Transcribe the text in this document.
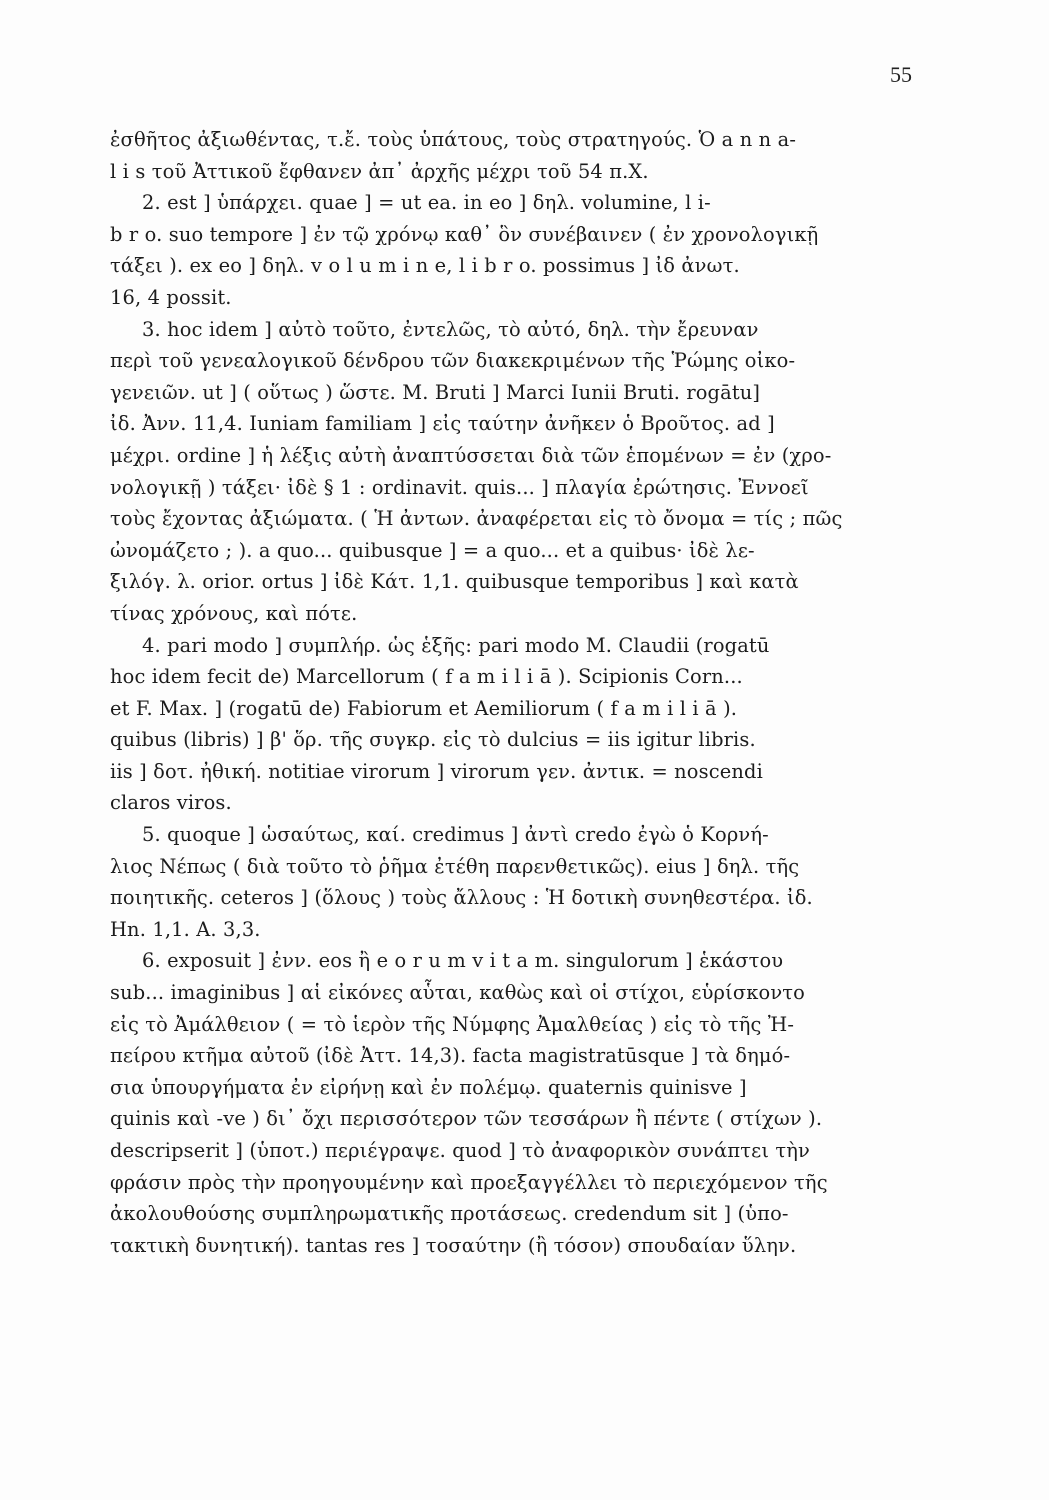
55
ἐσθῆτος ἀξιωθέντας, τ.ἔ. τοὺς ὑπάτους, τοὺς στρατηγούς. Ὁ a n n a-
l i s τοῦ Ἀττικοῦ ἔφθανεν ἀπ᾿ ἀρχῆς μέχρι τοῦ 54 π.Χ.
2. est ] ὑπάρχει. quae ] = ut ea. in eo ] δηλ. volumine, l i-
b r o. suo tempore ] ἐν τῷ χρόνῳ καθ᾿ ὃν συνέβαινεν ( ἐν χρονολογικῇ
τάξει ). ex eo ] δηλ. v o l u m i n e, l i b r o. possimus ] ἰδ ἀνωτ.
16, 4 possit.
3. hoc idem ] αὐτὸ τοῦτο, ἐντελῶς, τὸ αὐτό, δηλ. τὴν ἔρευναν
περὶ τοῦ γενεαλογικοῦ δένδρου τῶν διακεκριμένων τῆς Ῥώμης οἰκο-
γενειῶν. ut ] ( οὕτως ) ὥστε. M. Bruti ] Marci Iunii Bruti. rogātu]
ἰδ. Ἀνν. 11,4. Iuniam familiam ] εἰς ταύτην ἀνῆκεν ὁ Βροῦτος. ad ]
μέχρι. ordine ] ἡ λέξις αὐτὴ ἀναπτύσσεται διὰ τῶν ἑπομένων = ἐν (χρο-
νολογικῇ ) τάξει· ἰδὲ § 1 : ordinavit. quis... ] πλαγία ἐρώτησις. Ἐννοεῖ
τοὺς ἔχοντας ἀξιώματα. ( Ἡ ἀντων. ἀναφέρεται εἰς τὸ ὄνομα = τίς ; πῶς
ὠνομάζετο ; ). a quo... quibusque ] = a quo... et a quibus· ἰδὲ λε-
ξιλόγ. λ. orior. ortus ] ἰδὲ Κάτ. 1,1. quibusque temporibus ] καὶ κατὰ
τίνας χρόνους, καὶ πότε.
4. pari modo ] συμπλήρ. ὡς ἑξῆς: pari modo M. Claudii (rogatū
hoc idem fecit de) Marcellorum ( f a m i l i ā ). Scipionis Corn...
et F. Max. ] (rogatū de) Fabiorum et Aemiliorum ( f a m i l i ā ).
quibus (libris) ] β' ὅρ. τῆς συγκρ. εἰς τὸ dulcius = iis igitur libris.
iis ] δοτ. ἠθική. notitiae virorum ] virorum γεν. ἀντικ. = noscendi
claros viros.
5. quoque ] ὡσαύτως, καί. credimus ] ἀντὶ credo ἐγὼ ὁ Κορνή-
λιος Νέπως ( διὰ τοῦτο τὸ ῥῆμα ἐτέθη παρενθετικῶς). eius ] δηλ. τῆς
ποιητικῆς. ceteros ] (ὅλους ) τοὺς ἄλλους : Ἡ δοτικὴ συνηθεστέρα. ἰδ.
Hn. 1,1. A. 3,3.
6. exposuit ] ἐνν. eos ἢ e o r u m v i t a m. singulorum ] ἑκάστου
sub... imaginibus ] αἱ εἰκόνες αὗται, καθὼς καὶ οἱ στίχοι, εὑρίσκοντο
εἰς τὸ Ἀμάλθειον ( = τὸ ἱερὸν τῆς Νύμφης Ἀμαλθείας ) εἰς τὸ τῆς Ἠ-
πείρου κτῆμα αὐτοῦ (ἰδὲ Ἀττ. 14,3). facta magistratūsque ] τὰ δημό-
σια ὑπουργήματα ἐν εἰρήνῃ καὶ ἐν πολέμῳ. quaternis quinisve ]
quinis καὶ -ve ) δι᾿ ὄχι περισσότερον τῶν τεσσάρων ἢ πέντε ( στίχων ).
descripserit ] (ὑποτ.) περιέγραψε. quod ] τὸ ἀναφορικὸν συνάπτει τὴν
φράσιν πρὸς τὴν προηγουμένην καὶ προεξαγγέλλει τὸ περιεχόμενον τῆς
ἀκολουθούσης συμπληρωματικῆς προτάσεως. credendum sit ] (ὑπο-
τακτικὴ δυνητική). tantas res ] τοσαύτην (ἢ τόσον) σπουδαίαν ὕλην.
